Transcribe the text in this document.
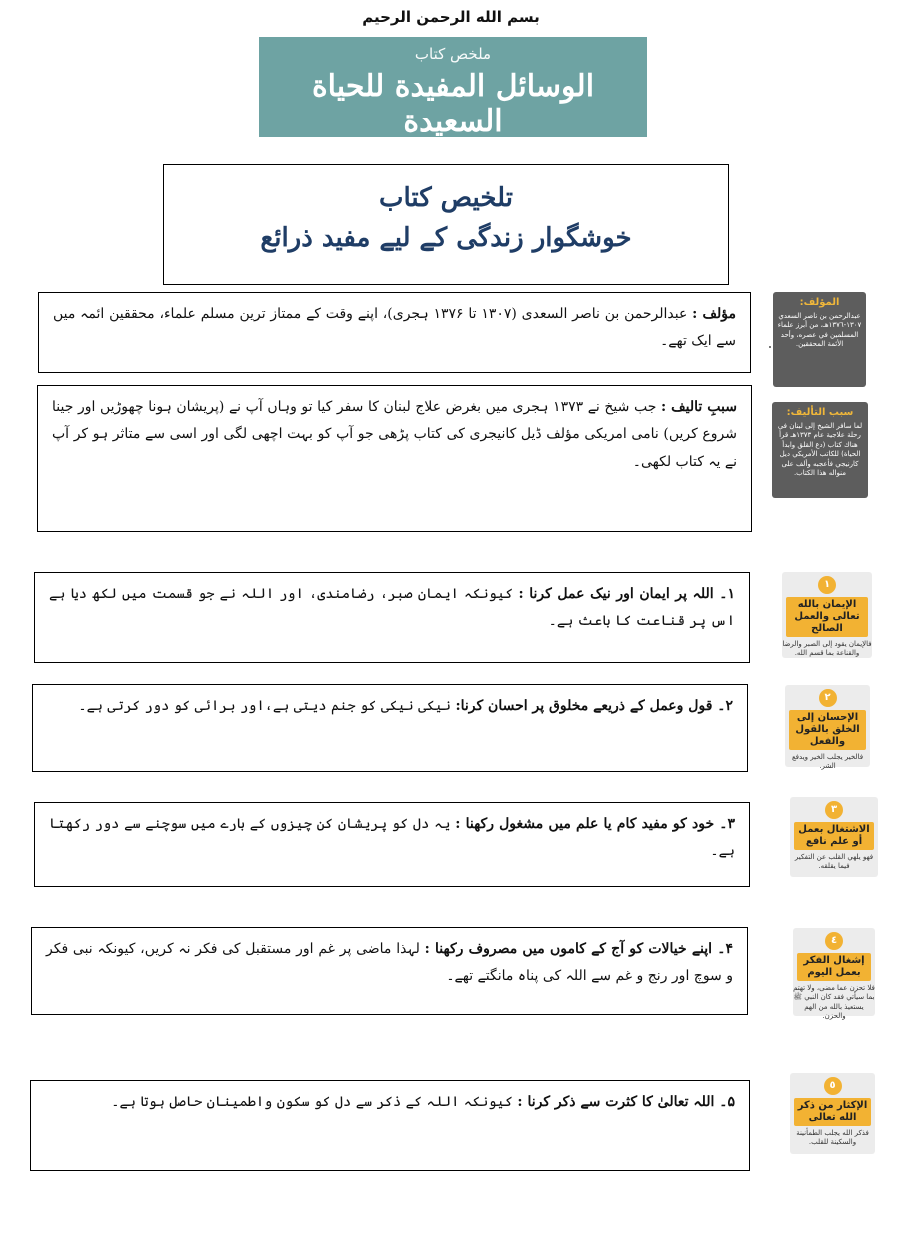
بسم الله الرحمن الرحيم
ملخص كتاب
الوسائل المفيدة للحياة السعيدة
تلخیص کتاب
خوشگوار زندگی کے لیے مفید ذرائع
مؤلف : عبدالرحمن بن ناصر السعدی (۱۳۰۷ تا ۱۳۷۶ ہجری)، اپنے وقت کے ممتاز ترین مسلم علماء، محققین ائمہ میں سے ایک تھے۔
المؤلف:
عبدالرحمن بن ناصر السعدي ١٣٠٧-١٣٧٦هـ، من أبرز علماء المسلمين في عصره، وأحد الأئمة المحققين.
سببِ تالیف : جب شیخ نے ۱۳۷۳ ہجری میں بغرض علاج لبنان کا سفر کیا تو وہاں آپ نے (پریشان ہونا چھوڑیں اور جینا شروع کریں) نامی امریکی مؤلف ڈیل کانیجری کی کتاب پڑھی جو آپ کو بہت اچھی لگی اور اسی سے متاثر ہو کر آپ نے یہ کتاب لکھی۔
سبب التأليف:
لما سافر الشيخ إلى لبنان في رحلة علاجية عام ١٣٧٣هـ قرأ هناك كتاب (دع القلق وابدأ الحياة) للكاتب الأمريكي ديل كارنيجي فأعجبه وألف على منواله هذا الكتاب.
۱۔ اللہ پر ایمان اور نیک عمل کرنا : کیونکہ ایمان صبر، رضامندی، اور اللہ نے جو قسمت میں لکھ دیا ہے اس پر قناعت کا باعث ہے۔
١
الإيمان بالله تعالى والعمل الصالح
فالإيمان يقود إلى الصبر والرضا والقناعة بما قسم الله.
۲۔ قول وعمل کے ذریعے مخلوق پر احسان کرنا: نیکی نیکی کو جنم دیتی ہے،اور برائی کو دور کرتی ہے۔
٢
الإحسان إلى الخلق بالقول والفعل
فالخير يجلب الخير ويدفع الشر.
۳۔ خود کو مفید کام یا علم میں مشغول رکھنا : یہ دل کو پریشان کن چیزوں کے بارے میں سوچنے سے دور رکھتا ہے۔
٣
الاشتغال بعمل أو علم نافع
فهو يلهي القلب عن التفكير فيما يقلقه.
۴۔ اپنے خیالات کو آج کے کاموں میں مصروف رکھنا : لہذا ماضی پر غم اور مستقبل کی فکر نہ کریں، کیونکہ نبی فکر و سوچ اور رنج و غم سے اللہ کی پناہ مانگتے تھے۔
٤
إشغال الفكر بعمل اليوم
فلا تحزن عما مضى، ولا تهتم بما سيأتي فقد كان النبي ﷺ يستعيذ بالله من الهم والحزن.
۵۔ اللہ تعالیٰ کا کثرت سے ذکر کرنا : کیونکہ اللہ کے ذکر سے دل کو سکون واطمینان حاصل ہوتا ہے۔
٥
الإكثار من ذكر الله تعالى
فذكر الله يجلب الطمأنينة والسكينة للقلب.
